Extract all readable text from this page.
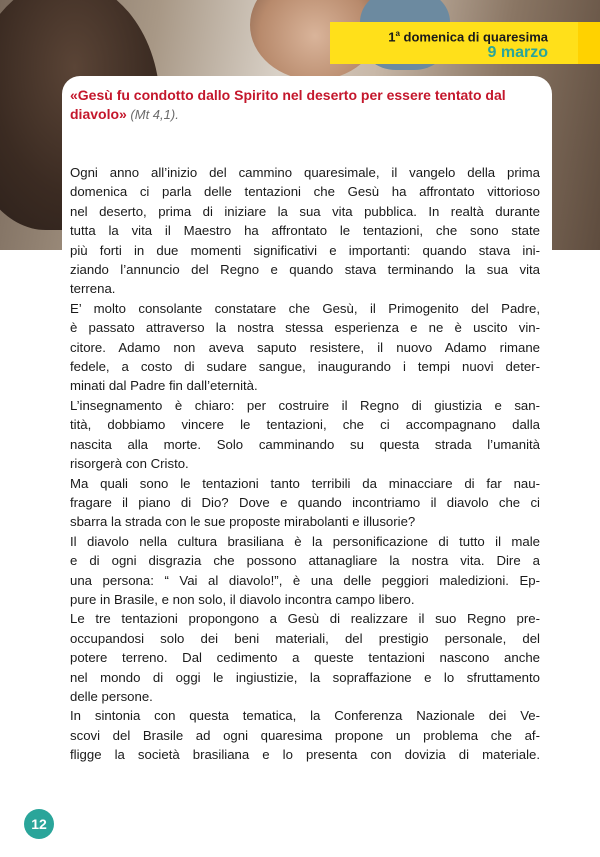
1$^a$ domenica di quaresima

9 marzo

«Gesù fu condotto dallo Spirito nel deserto per essere tentato dal diavolo» (Mt 4,1).

Ogni anno all’inizio del cammino quaresimale, il vangelo della prima
domenica ci parla delle tentazioni che Gesù ha affrontato vittorioso
nel deserto, prima di iniziare la sua vita pubblica. In realtà durante
tutta la vita il Maestro ha affrontato le tentazioni, che sono state
più forti in due momenti significativi e importanti: quando stava ini-
ziando l’annuncio del Regno e quando stava terminando la sua vita
terrena.
E’ molto consolante constatare che Gesù, il Primogenito del Padre,
è passato attraverso la nostra stessa esperienza e ne è uscito vin-
citore. Adamo non aveva saputo resistere, il nuovo Adamo rimane
fedele, a costo di sudare sangue, inaugurando i tempi nuovi deter-
minati dal Padre fin dall’eternità.
L’insegnamento è chiaro: per costruire il Regno di giustizia e san-
tità, dobbiamo vincere le tentazioni, che ci accompagnano dalla
nascita alla morte. Solo camminando su questa strada l’umanità
risorgerà con Cristo.
Ma quali sono le tentazioni tanto terribili da minacciare di far nau-
fragare il piano di Dio? Dove e quando incontriamo il diavolo che ci
sbarra la strada con le sue proposte mirabolanti e illusorie?
Il diavolo nella cultura brasiliana è la personificazione di tutto il male
e di ogni disgrazia che possono attanagliare la nostra vita. Dire a
una persona: “ Vai al diavolo!”, è una delle peggiori maledizioni. Ep-
pure in Brasile, e non solo, il diavolo incontra campo libero.
Le tre tentazioni propongono a Gesù di realizzare il suo Regno pre-
occupandosi solo dei beni materiali, del prestigio personale, del
potere terreno. Dal cedimento a queste tentazioni nascono anche
nel mondo di oggi le ingiustizie, la sopraffazione e lo sfruttamento
delle persone.
In sintonia con questa tematica, la Conferenza Nazionale dei Ve-
scovi del Brasile ad ogni quaresima propone un problema che af-
fligge la società brasiliana e lo presenta con dovizia di materiale.
12
